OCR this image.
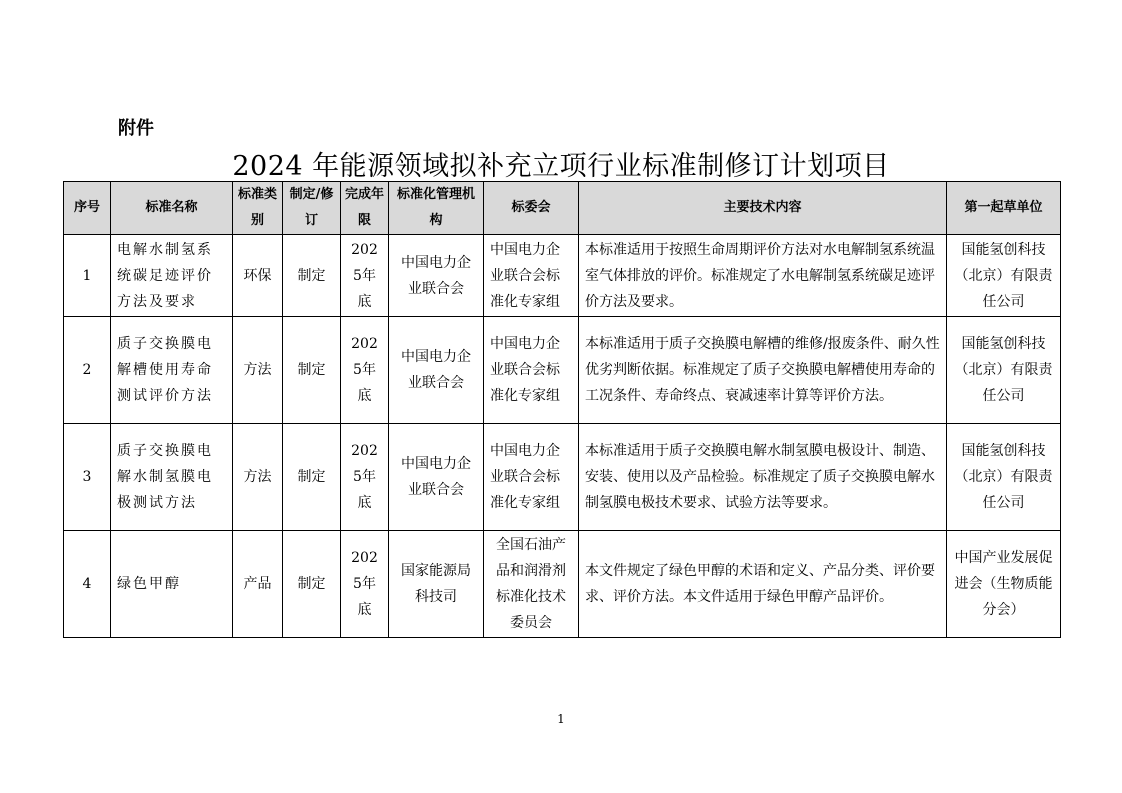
附件
2024 年能源领域拟补充立项行业标准制修订计划项目
序号	标准名称	标准类别	制定/修订	完成年限	标准化管理机构	标委会	主要技术内容	第一起草单位
1	电解水制氢系统碳足迹评价方法及要求	环保	制定	2025年底	中国电力企业联合会	中国电力企业联合会标准化专家组	本标准适用于按照生命周期评价方法对水电解制氢系统温室气体排放的评价。标准规定了水电解制氢系统碳足迹评价方法及要求。	国能氢创科技（北京）有限责任公司
2	质子交换膜电解槽使用寿命测试评价方法	方法	制定	2025年底	中国电力企业联合会	中国电力企业联合会标准化专家组	本标准适用于质子交换膜电解槽的维修/报废条件、耐久性优劣判断依据。标准规定了质子交换膜电解槽使用寿命的工况条件、寿命终点、衰减速率计算等评价方法。	国能氢创科技（北京）有限责任公司
3	质子交换膜电解水制氢膜电极测试方法	方法	制定	2025年底	中国电力企业联合会	中国电力企业联合会标准化专家组	本标准适用于质子交换膜电解水制氢膜电极设计、制造、安装、使用以及产品检验。标准规定了质子交换膜电解水制氢膜电极技术要求、试验方法等要求。	国能氢创科技（北京）有限责任公司
4	绿色甲醇	产品	制定	2025年底	国家能源局科技司	全国石油产品和润滑剂标准化技术委员会	本文件规定了绿色甲醇的术语和定义、产品分类、评价要求、评价方法。本文件适用于绿色甲醇产品评价。	中国产业发展促进会（生物质能分会）
1
